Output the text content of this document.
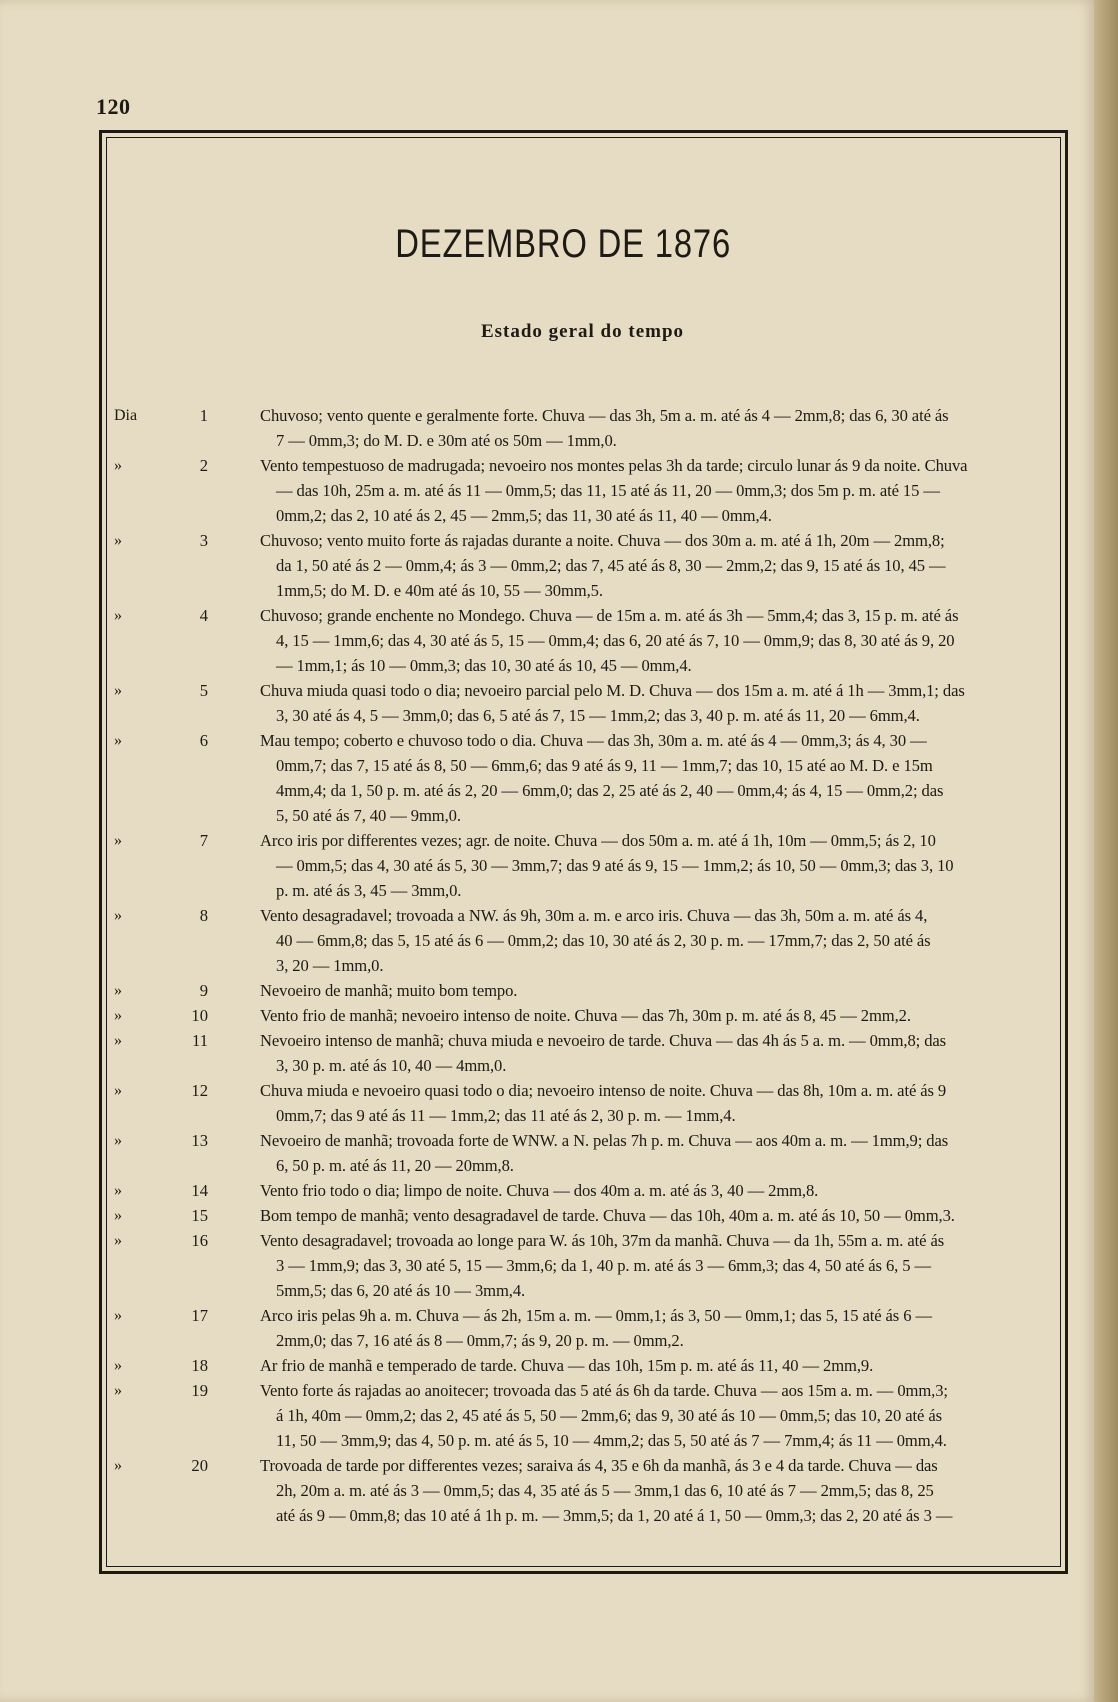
120
DEZEMBRO DE 1876
Estado geral do tempo
Dia	1	Chuvoso; vento quente e geralmente forte. Chuva — das 3h, 5m a. m. até ás 4 — 2mm,8; das 6, 30 até ás
7 — 0mm,3; do M. D. e 30m até os 50m — 1mm,0.
»	2	Vento tempestuoso de madrugada; nevoeiro nos montes pelas 3h da tarde; circulo lunar ás 9 da noite. Chuva
— das 10h, 25m a. m. até ás 11 — 0mm,5; das 11, 15 até ás 11, 20 — 0mm,3; dos 5m p. m. até 15 —
0mm,2; das 2, 10 até ás 2, 45 — 2mm,5; das 11, 30 até ás 11, 40 — 0mm,4.
»	3	Chuvoso; vento muito forte ás rajadas durante a noite. Chuva — dos 30m a. m. até á 1h, 20m — 2mm,8;
da 1, 50 até ás 2 — 0mm,4; ás 3 — 0mm,2; das 7, 45 até ás 8, 30 — 2mm,2; das 9, 15 até ás 10, 45 —
1mm,5; do M. D. e 40m até ás 10, 55 — 30mm,5.
»	4	Chuvoso; grande enchente no Mondego. Chuva — de 15m a. m. até ás 3h — 5mm,4; das 3, 15 p. m. até ás
4, 15 — 1mm,6; das 4, 30 até ás 5, 15 — 0mm,4; das 6, 20 até ás 7, 10 — 0mm,9; das 8, 30 até ás 9, 20
— 1mm,1; ás 10 — 0mm,3; das 10, 30 até ás 10, 45 — 0mm,4.
»	5	Chuva miuda quasi todo o dia; nevoeiro parcial pelo M. D. Chuva — dos 15m a. m. até á 1h — 3mm,1; das
3, 30 até ás 4, 5 — 3mm,0; das 6, 5 até ás 7, 15 — 1mm,2; das 3, 40 p. m. até ás 11, 20 — 6mm,4.
»	6	Mau tempo; coberto e chuvoso todo o dia. Chuva — das 3h, 30m a. m. até ás 4 — 0mm,3; ás 4, 30 —
0mm,7; das 7, 15 até ás 8, 50 — 6mm,6; das 9 até ás 9, 11 — 1mm,7; das 10, 15 até ao M. D. e 15m
4mm,4; da 1, 50 p. m. até ás 2, 20 — 6mm,0; das 2, 25 até ás 2, 40 — 0mm,4; ás 4, 15 — 0mm,2; das
5, 50 até ás 7, 40 — 9mm,0.
»	7	Arco iris por differentes vezes; agr. de noite. Chuva — dos 50m a. m. até á 1h, 10m — 0mm,5; ás 2, 10
— 0mm,5; das 4, 30 até ás 5, 30 — 3mm,7; das 9 até ás 9, 15 — 1mm,2; ás 10, 50 — 0mm,3; das 3, 10
p. m. até ás 3, 45 — 3mm,0.
»	8	Vento desagradavel; trovoada a NW. ás 9h, 30m a. m. e arco iris. Chuva — das 3h, 50m a. m. até ás 4,
40 — 6mm,8; das 5, 15 até ás 6 — 0mm,2; das 10, 30 até ás 2, 30 p. m. — 17mm,7; das 2, 50 até ás
3, 20 — 1mm,0.
»	9	Nevoeiro de manhã; muito bom tempo.
»	10	Vento frio de manhã; nevoeiro intenso de noite. Chuva — das 7h, 30m p. m. até ás 8, 45 — 2mm,2.
»	11	Nevoeiro intenso de manhã; chuva miuda e nevoeiro de tarde. Chuva — das 4h ás 5 a. m. — 0mm,8; das
3, 30 p. m. até ás 10, 40 — 4mm,0.
»	12	Chuva miuda e nevoeiro quasi todo o dia; nevoeiro intenso de noite. Chuva — das 8h, 10m a. m. até ás 9
0mm,7; das 9 até ás 11 — 1mm,2; das 11 até ás 2, 30 p. m. — 1mm,4.
»	13	Nevoeiro de manhã; trovoada forte de WNW. a N. pelas 7h p. m. Chuva — aos 40m a. m. — 1mm,9; das
6, 50 p. m. até ás 11, 20 — 20mm,8.
»	14	Vento frio todo o dia; limpo de noite. Chuva — dos 40m a. m. até ás 3, 40 — 2mm,8.
»	15	Bom tempo de manhã; vento desagradavel de tarde. Chuva — das 10h, 40m a. m. até ás 10, 50 — 0mm,3.
»	16	Vento desagradavel; trovoada ao longe para W. ás 10h, 37m da manhã. Chuva — da 1h, 55m a. m. até ás
3 — 1mm,9; das 3, 30 até 5, 15 — 3mm,6; da 1, 40 p. m. até ás 3 — 6mm,3; das 4, 50 até ás 6, 5 —
5mm,5; das 6, 20 até ás 10 — 3mm,4.
»	17	Arco iris pelas 9h a. m. Chuva — ás 2h, 15m a. m. — 0mm,1; ás 3, 50 — 0mm,1; das 5, 15 até ás 6 —
2mm,0; das 7, 16 até ás 8 — 0mm,7; ás 9, 20 p. m. — 0mm,2.
»	18	Ar frio de manhã e temperado de tarde. Chuva — das 10h, 15m p. m. até ás 11, 40 — 2mm,9.
»	19	Vento forte ás rajadas ao anoitecer; trovoada das 5 até ás 6h da tarde. Chuva — aos 15m a. m. — 0mm,3;
á 1h, 40m — 0mm,2; das 2, 45 até ás 5, 50 — 2mm,6; das 9, 30 até ás 10 — 0mm,5; das 10, 20 até ás
11, 50 — 3mm,9; das 4, 50 p. m. até ás 5, 10 — 4mm,2; das 5, 50 até ás 7 — 7mm,4; ás 11 — 0mm,4.
»	20	Trovoada de tarde por differentes vezes; saraiva ás 4, 35 e 6h da manhã, ás 3 e 4 da tarde. Chuva — das
2h, 20m a. m. até ás 3 — 0mm,5; das 4, 35 até ás 5 — 3mm,1 das 6, 10 até ás 7 — 2mm,5; das 8, 25
até ás 9 — 0mm,8; das 10 até á 1h p. m. — 3mm,5; da 1, 20 até á 1, 50 — 0mm,3; das 2, 20 até ás 3 —
